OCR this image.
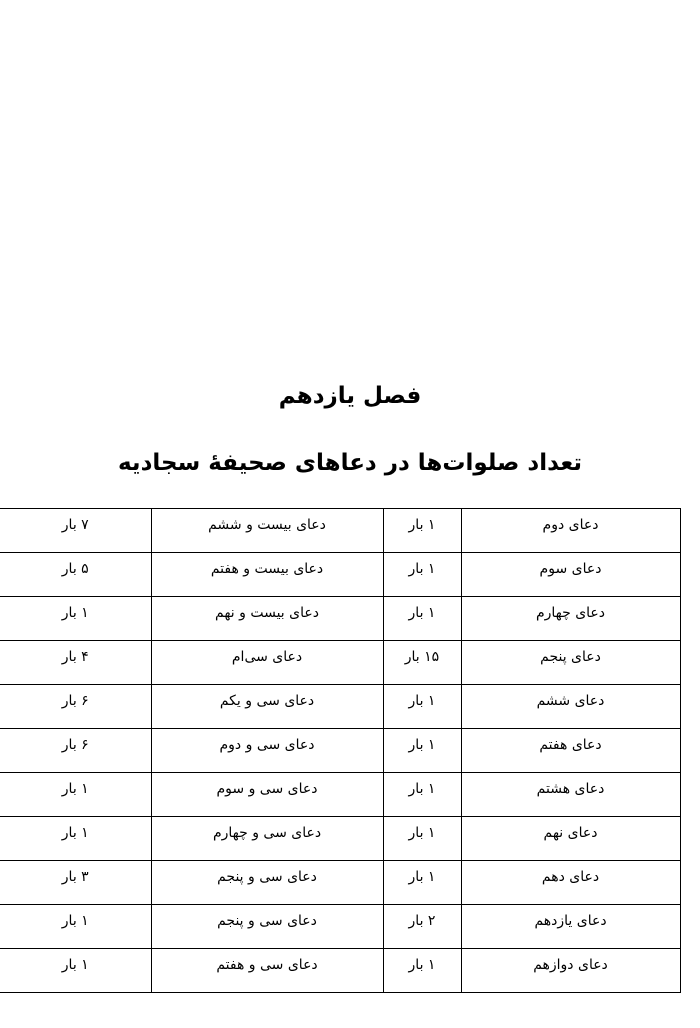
فصل یازدهم
تعداد صلوات‌ها در دعاهای صحیفهٔ سجادیه
دعای دوم	۱ بار	دعای بیست و ششم	۷ بار
دعای سوم	۱ بار	دعای بیست و هفتم	۵ بار
دعای چهارم	۱ بار	دعای بیست و نهم	۱ بار
دعای پنجم	۱۵ بار	دعای سی‌ام	۴ بار
دعای ششم	۱ بار	دعای سی و یکم	۶ بار
دعای هفتم	۱ بار	دعای سی و دوم	۶ بار
دعای هشتم	۱ بار	دعای سی و سوم	۱ بار
دعای نهم	۱ بار	دعای سی و چهارم	۱ بار
دعای دهم	۱ بار	دعای سی و پنجم	۳ بار
دعای یازدهم	۲ بار	دعای سی و پنجم	۱ بار
دعای دوازهم	۱ بار	دعای سی و هفتم	۱ بار
